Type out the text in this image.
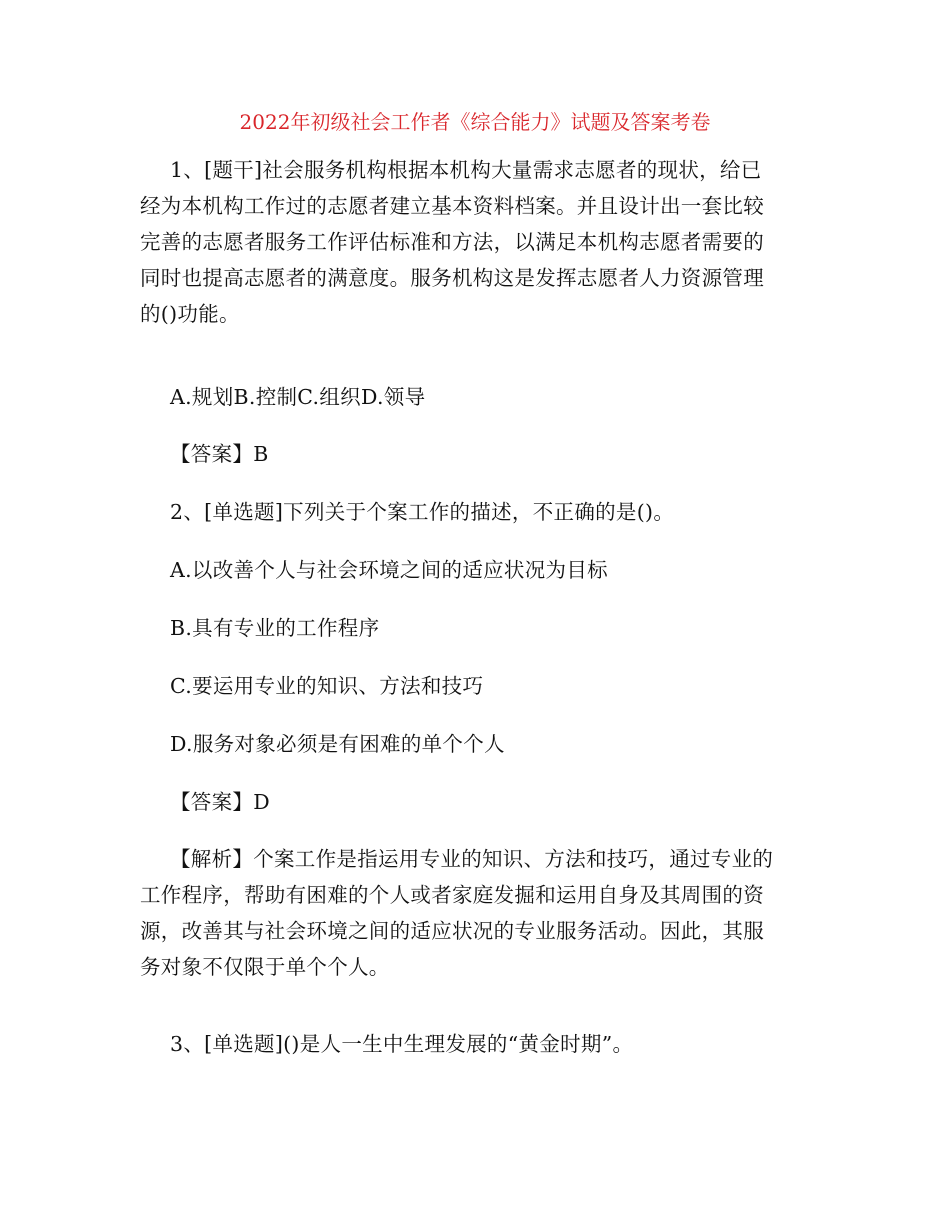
2022年初级社会工作者《综合能力》试题及答案考卷
1、[题干]社会服务机构根据本机构大量需求志愿者的现状，给已
经为本机构工作过的志愿者建立基本资料档案。并且设计出一套比较
完善的志愿者服务工作评估标准和方法，以满足本机构志愿者需要的
同时也提高志愿者的满意度。服务机构这是发挥志愿者人力资源管理
的()功能。
A.规划B.控制C.组织D.领导
【答案】B
2、[单选题]下列关于个案工作的描述，不正确的是()。
A.以改善个人与社会环境之间的适应状况为目标
B.具有专业的工作程序
C.要运用专业的知识、方法和技巧
D.服务对象必须是有困难的单个个人
【答案】D
【解析】个案工作是指运用专业的知识、方法和技巧，通过专业的
工作程序，帮助有困难的个人或者家庭发掘和运用自身及其周围的资
源，改善其与社会环境之间的适应状况的专业服务活动。因此，其服
务对象不仅限于单个个人。
3、[单选题]()是人一生中生理发展的“黄金时期”。
